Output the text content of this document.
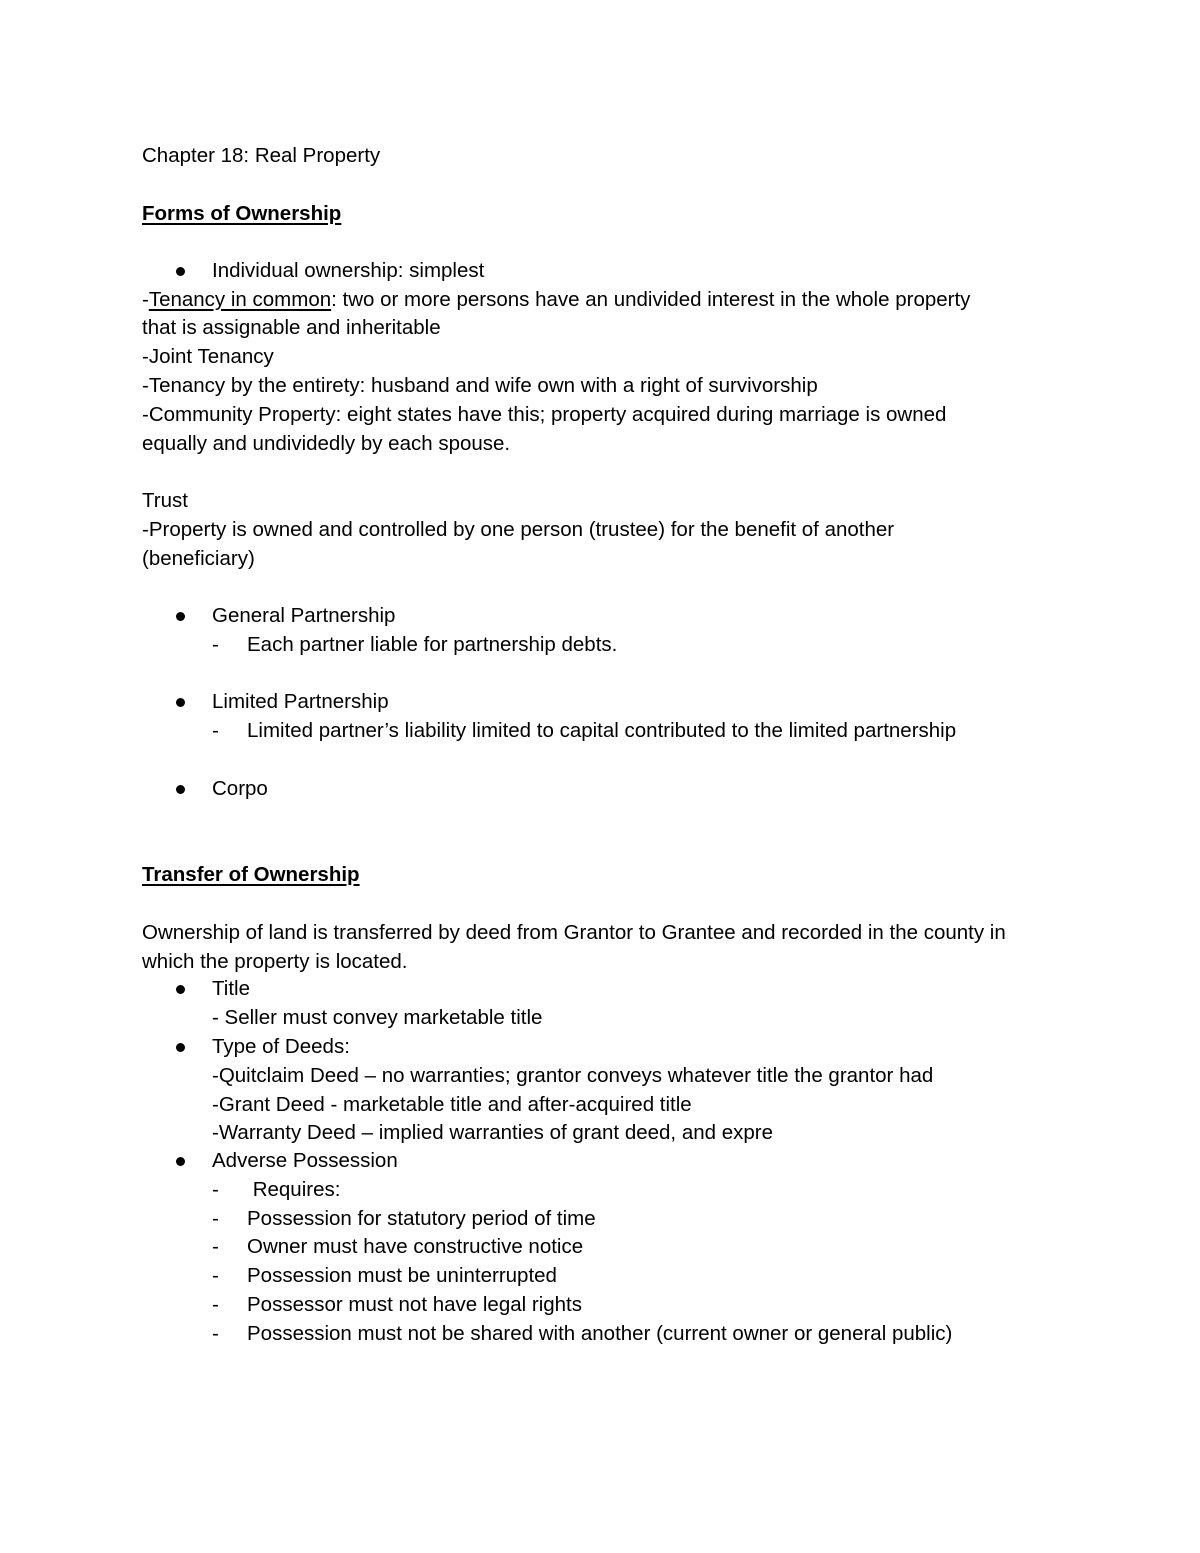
Chapter 18: Real Property
Forms of Ownership
Individual ownership: simplest
-Tenancy in common: two or more persons have an undivided interest in the whole property
that is assignable and inheritable
-Joint Tenancy
-Tenancy by the entirety: husband and wife own with a right of survivorship
-Community Property: eight states have this; property acquired during marriage is owned
equally and undividedly by each spouse.
Trust
-Property is owned and controlled by one person (trustee) for the benefit of another
(beneficiary)
General Partnership
- Each partner liable for partnership debts.
Limited Partnership
- Limited partner’s liability limited to capital contributed to the limited partnership
Corpo
Transfer of Ownership
Ownership of land is transferred by deed from Grantor to Grantee and recorded in the county in
which the property is located.
Title
- Seller must convey marketable title
Type of Deeds:
-Quitclaim Deed – no warranties; grantor conveys whatever title the grantor had
-Grant Deed - marketable title and after-acquired title
-Warranty Deed – implied warranties of grant deed, and expre
Adverse Possession
- Requires:
- Possession for statutory period of time
- Owner must have constructive notice
- Possession must be uninterrupted
- Possessor must not have legal rights
- Possession must not be shared with another (current owner or general public)
